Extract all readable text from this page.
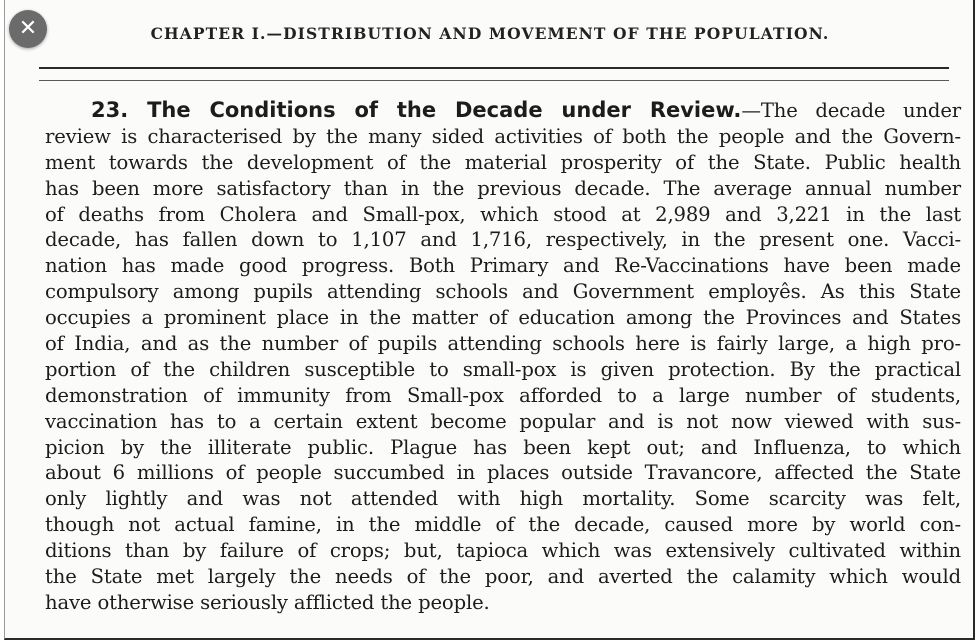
CHAPTER I.—DISTRIBUTION AND MOVEMENT OF THE POPULATION.
23. The Conditions of the Decade under Review.—The decade under
review is characterised by the many sided activities of both the people and the Govern-
ment towards the development of the material prosperity of the State. Public health
has been more satisfactory than in the previous decade. The average annual number
of deaths from Cholera and Small-pox, which stood at 2,989 and 3,221 in the last
decade, has fallen down to 1,107 and 1,716, respectively, in the present one. Vacci-
nation has made good progress. Both Primary and Re-Vaccinations have been made
compulsory among pupils attending schools and Government employês. As this State
occupies a prominent place in the matter of education among the Provinces and States
of India, and as the number of pupils attending schools here is fairly large, a high pro-
portion of the children susceptible to small-pox is given protection. By the practical
demonstration of immunity from Small-pox afforded to a large number of students,
vaccination has to a certain extent become popular and is not now viewed with sus-
picion by the illiterate public. Plague has been kept out; and Influenza, to which
about 6 millions of people succumbed in places outside Travancore, affected the State
only lightly and was not attended with high mortality. Some scarcity was felt,
though not actual famine, in the middle of the decade, caused more by world con-
ditions than by failure of crops; but, tapioca which was extensively cultivated within
the State met largely the needs of the poor, and averted the calamity which would
have otherwise seriously afflicted the people.
✕
